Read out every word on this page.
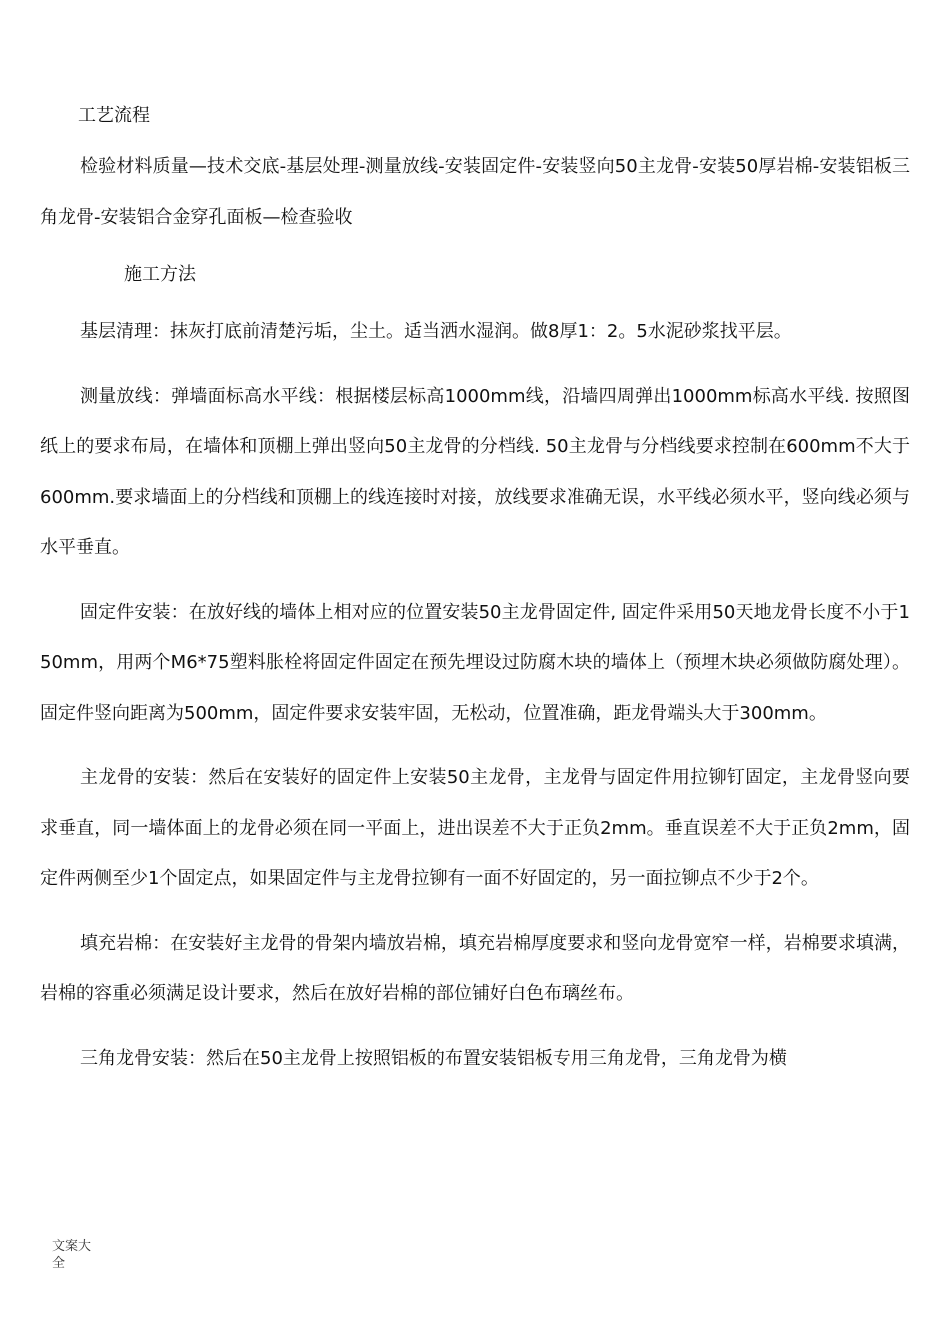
工艺流程

检验材料质量—技术交底-基层处理-测量放线-安装固定件-安装竖向50主龙骨-安装50厚岩棉-安装铝板三角龙骨-安装铝合金穿孔面板—检查验收

施工方法

基层清理：抹灰打底前清楚污垢，尘土。适当洒水湿润。做8厚1：2。5水泥砂浆找平层。

测量放线：弹墙面标高水平线：根据楼层标高1000mm线，沿墙四周弹出1000mm标高水平线. 按照图纸上的要求布局，在墙体和顶棚上弹出竖向50主龙骨的分档线. 50主龙骨与分档线要求控制在600mm不大于600mm.要求墙面上的分档线和顶棚上的线连接时对接，放线要求准确无误，水平线必须水平，竖向线必须与水平垂直。

固定件安装：在放好线的墙体上相对应的位置安装50主龙骨固定件, 固定件采用50天地龙骨长度不小于150mm，用两个M6*75塑料胀栓将固定件固定在预先埋设过防腐木块的墙体上（预埋木块必须做防腐处理）。固定件竖向距离为500mm，固定件要求安装牢固，无松动，位置准确，距龙骨端头大于300mm。

主龙骨的安装：然后在安装好的固定件上安装50主龙骨，主龙骨与固定件用拉铆钉固定，主龙骨竖向要求垂直，同一墙体面上的龙骨必须在同一平面上，进出误差不大于正负2mm。垂直误差不大于正负2mm，固定件两侧至少1个固定点，如果固定件与主龙骨拉铆有一面不好固定的，另一面拉铆点不少于2个。

填充岩棉：在安装好主龙骨的骨架内墙放岩棉，填充岩棉厚度要求和竖向龙骨宽窄一样，岩棉要求填满，岩棉的容重必须满足设计要求，然后在放好岩棉的部位铺好白色布璃丝布。

三角龙骨安装：然后在50主龙骨上按照铝板的布置安装铝板专用三角龙骨，三角龙骨为横

文案大全
